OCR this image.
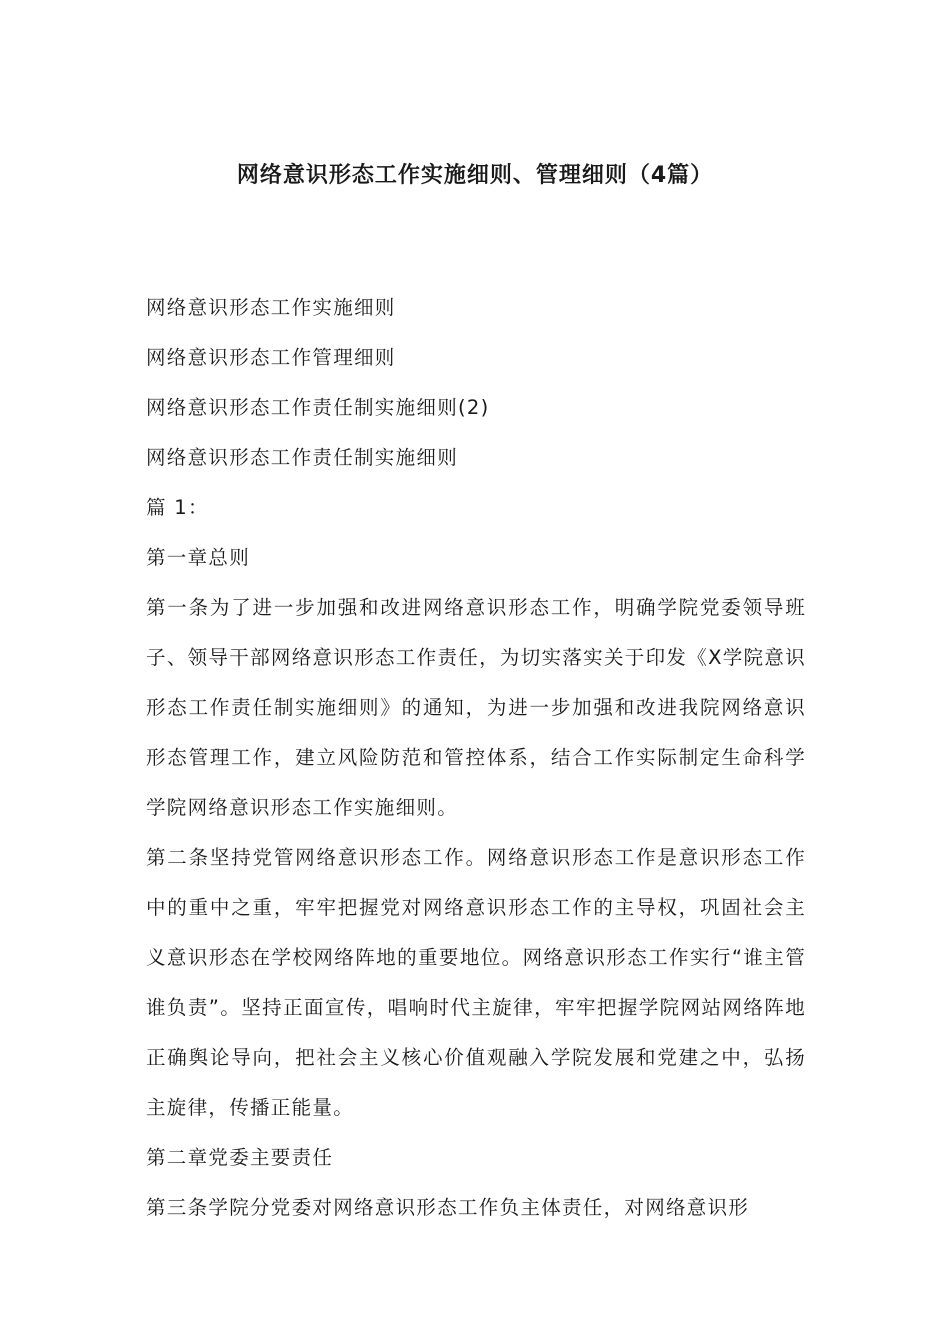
网络意识形态工作实施细则、管理细则（4篇）

网络意识形态工作实施细则

网络意识形态工作管理细则

网络意识形态工作责任制实施细则(2)

网络意识形态工作责任制实施细则

篇 1：

第一章总则

第一条为了进一步加强和改进网络意识形态工作，明确学院党委领导班子、领导干部网络意识形态工作责任，为切实落实关于印发《X学院意识形态工作责任制实施细则》的通知，为进一步加强和改进我院网络意识形态管理工作，建立风险防范和管控体系，结合工作实际制定生命科学学院网络意识形态工作实施细则。

第二条坚持党管网络意识形态工作。网络意识形态工作是意识形态工作中的重中之重，牢牢把握党对网络意识形态工作的主导权，巩固社会主义意识形态在学校网络阵地的重要地位。网络意识形态工作实行“谁主管谁负责”。坚持正面宣传，唱响时代主旋律，牢牢把握学院网站网络阵地正确舆论导向，把社会主义核心价值观融入学院发展和党建之中，弘扬主旋律，传播正能量。

第二章党委主要责任

第三条学院分党委对网络意识形态工作负主体责任，对网络意识形
